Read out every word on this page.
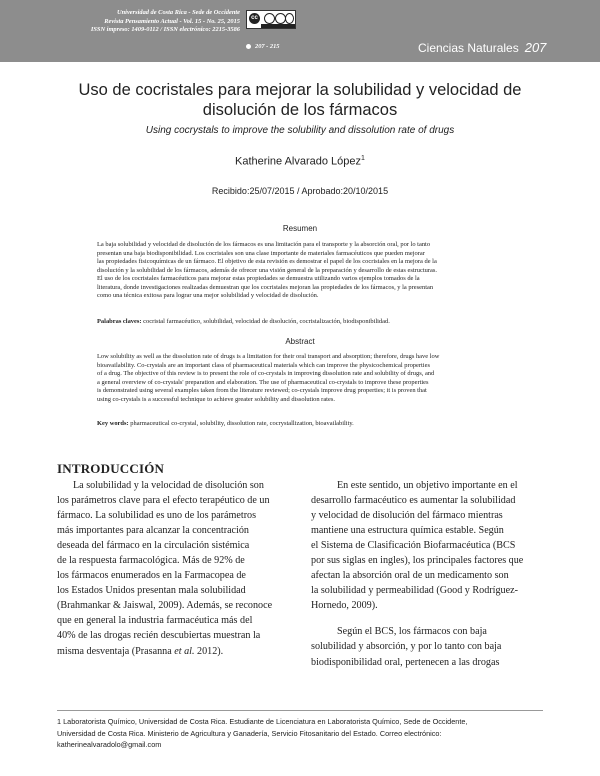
Universidad de Costa Rica - Sede de Occidente
Revista Pensamiento Actual - Vol. 15 - No. 25, 2015
ISSN impreso: 1409-0112 / ISSN electrónico: 2215-3586
cc
207 - 215	Ciencias Naturales 207
Uso de cocristales para mejorar la solubilidad y velocidad de
disolución de los fármacos
Using cocrystals to improve the solubility and dissolution rate of drugs
Katherine Alvarado López$^1$
Recibido:25/07/2015 / Aprobado:20/10/2015
Resumen
La baja solubilidad y velocidad de disolución de los fármacos es una limitación para el transporte y la absorción oral, por lo tanto
presentan una baja biodisponibilidad. Los cocristales son una clase importante de materiales farmacéuticos que pueden mejorar
las propiedades fisicoquímicas de un fármaco. El objetivo de esta revisión es demostrar el papel de los cocristales en la mejora de la
disolución y la solubilidad de los fármacos, además de ofrecer una visión general de la preparación y desarrollo de estas estructuras.
El uso de los cocristales farmacéuticos para mejorar estas propiedades se demuestra utilizando varios ejemplos tomados de la
literatura, donde investigaciones realizadas demuestran que los cocristales mejoran las propiedades de los fármacos, y la presentan
como una técnica exitosa para lograr una mejor solubilidad y velocidad de disolución.
Palabras claves: cocristal farmacéutico, solubilidad, velocidad de disolución, cocristalización, biodisponibilidad.
Abstract
Low solubility as well as the dissolution rate of drugs is a limitation for their oral transport and absorption; therefore, drugs have low
bioavailability. Co-crystals are an important class of pharmaceutical materials which can improve the physicochemical properties
of a drug. The objective of this review is to present the role of co-crystals in improving dissolution rate and solubility of drugs, and
a general overview of co-crystals' preparation and elaboration. The use of pharmaceutical co-crystals to improve these properties
is demonstrated using several examples taken from the literature reviewed; co-crystals improve drug properties; it is proven that
using co-crystals is a successful technique to achieve greater solubility and dissolution rates.
Key words: pharmaceutical co-crystal, solubility, dissolution rate, cocrystallization, bioavailability.
INTRODUCCIÓN

La solubilidad y la velocidad de disolución son

los parámetros clave para el efecto terapéutico de un

fármaco. La solubilidad es uno de los parámetros

más importantes para alcanzar la concentración

deseada del fármaco en la circulación sistémica

de la respuesta farmacológica. Más de 92% de

los fármacos enumerados en la Farmacopea de

los Estados Unidos presentan mala solubilidad

(Brahmankar & Jaiswal, 2009). Además, se reconoce

que en general la industria farmacéutica más del

40% de las drogas recién descubiertas muestran la

misma desventaja (Prasanna et al. 2012).

En este sentido, un objetivo importante en el

desarrollo farmacéutico es aumentar la solubilidad

y velocidad de disolución del fármaco mientras

mantiene una estructura química estable. Según

el Sistema de Clasificación Biofarmacéutica (BCS

por sus siglas en ingles), los principales factores que

afectan la absorción oral de un medicamento son

la solubilidad y permeabilidad (Good y Rodríguez-

Hornedo, 2009).

Según el BCS, los fármacos con baja

solubilidad y absorción, y por lo tanto con baja

biodisponibilidad oral, pertenecen a las drogas

1 Laboratorista Químico, Universidad de Costa Rica. Estudiante de Licenciatura en Laboratorista Químico, Sede de Occidente,
Universidad de Costa Rica. Ministerio de Agricultura y Ganadería, Servicio Fitosanitario del Estado. Correo electrónico:
katherinealvaradolo@gmail.com
